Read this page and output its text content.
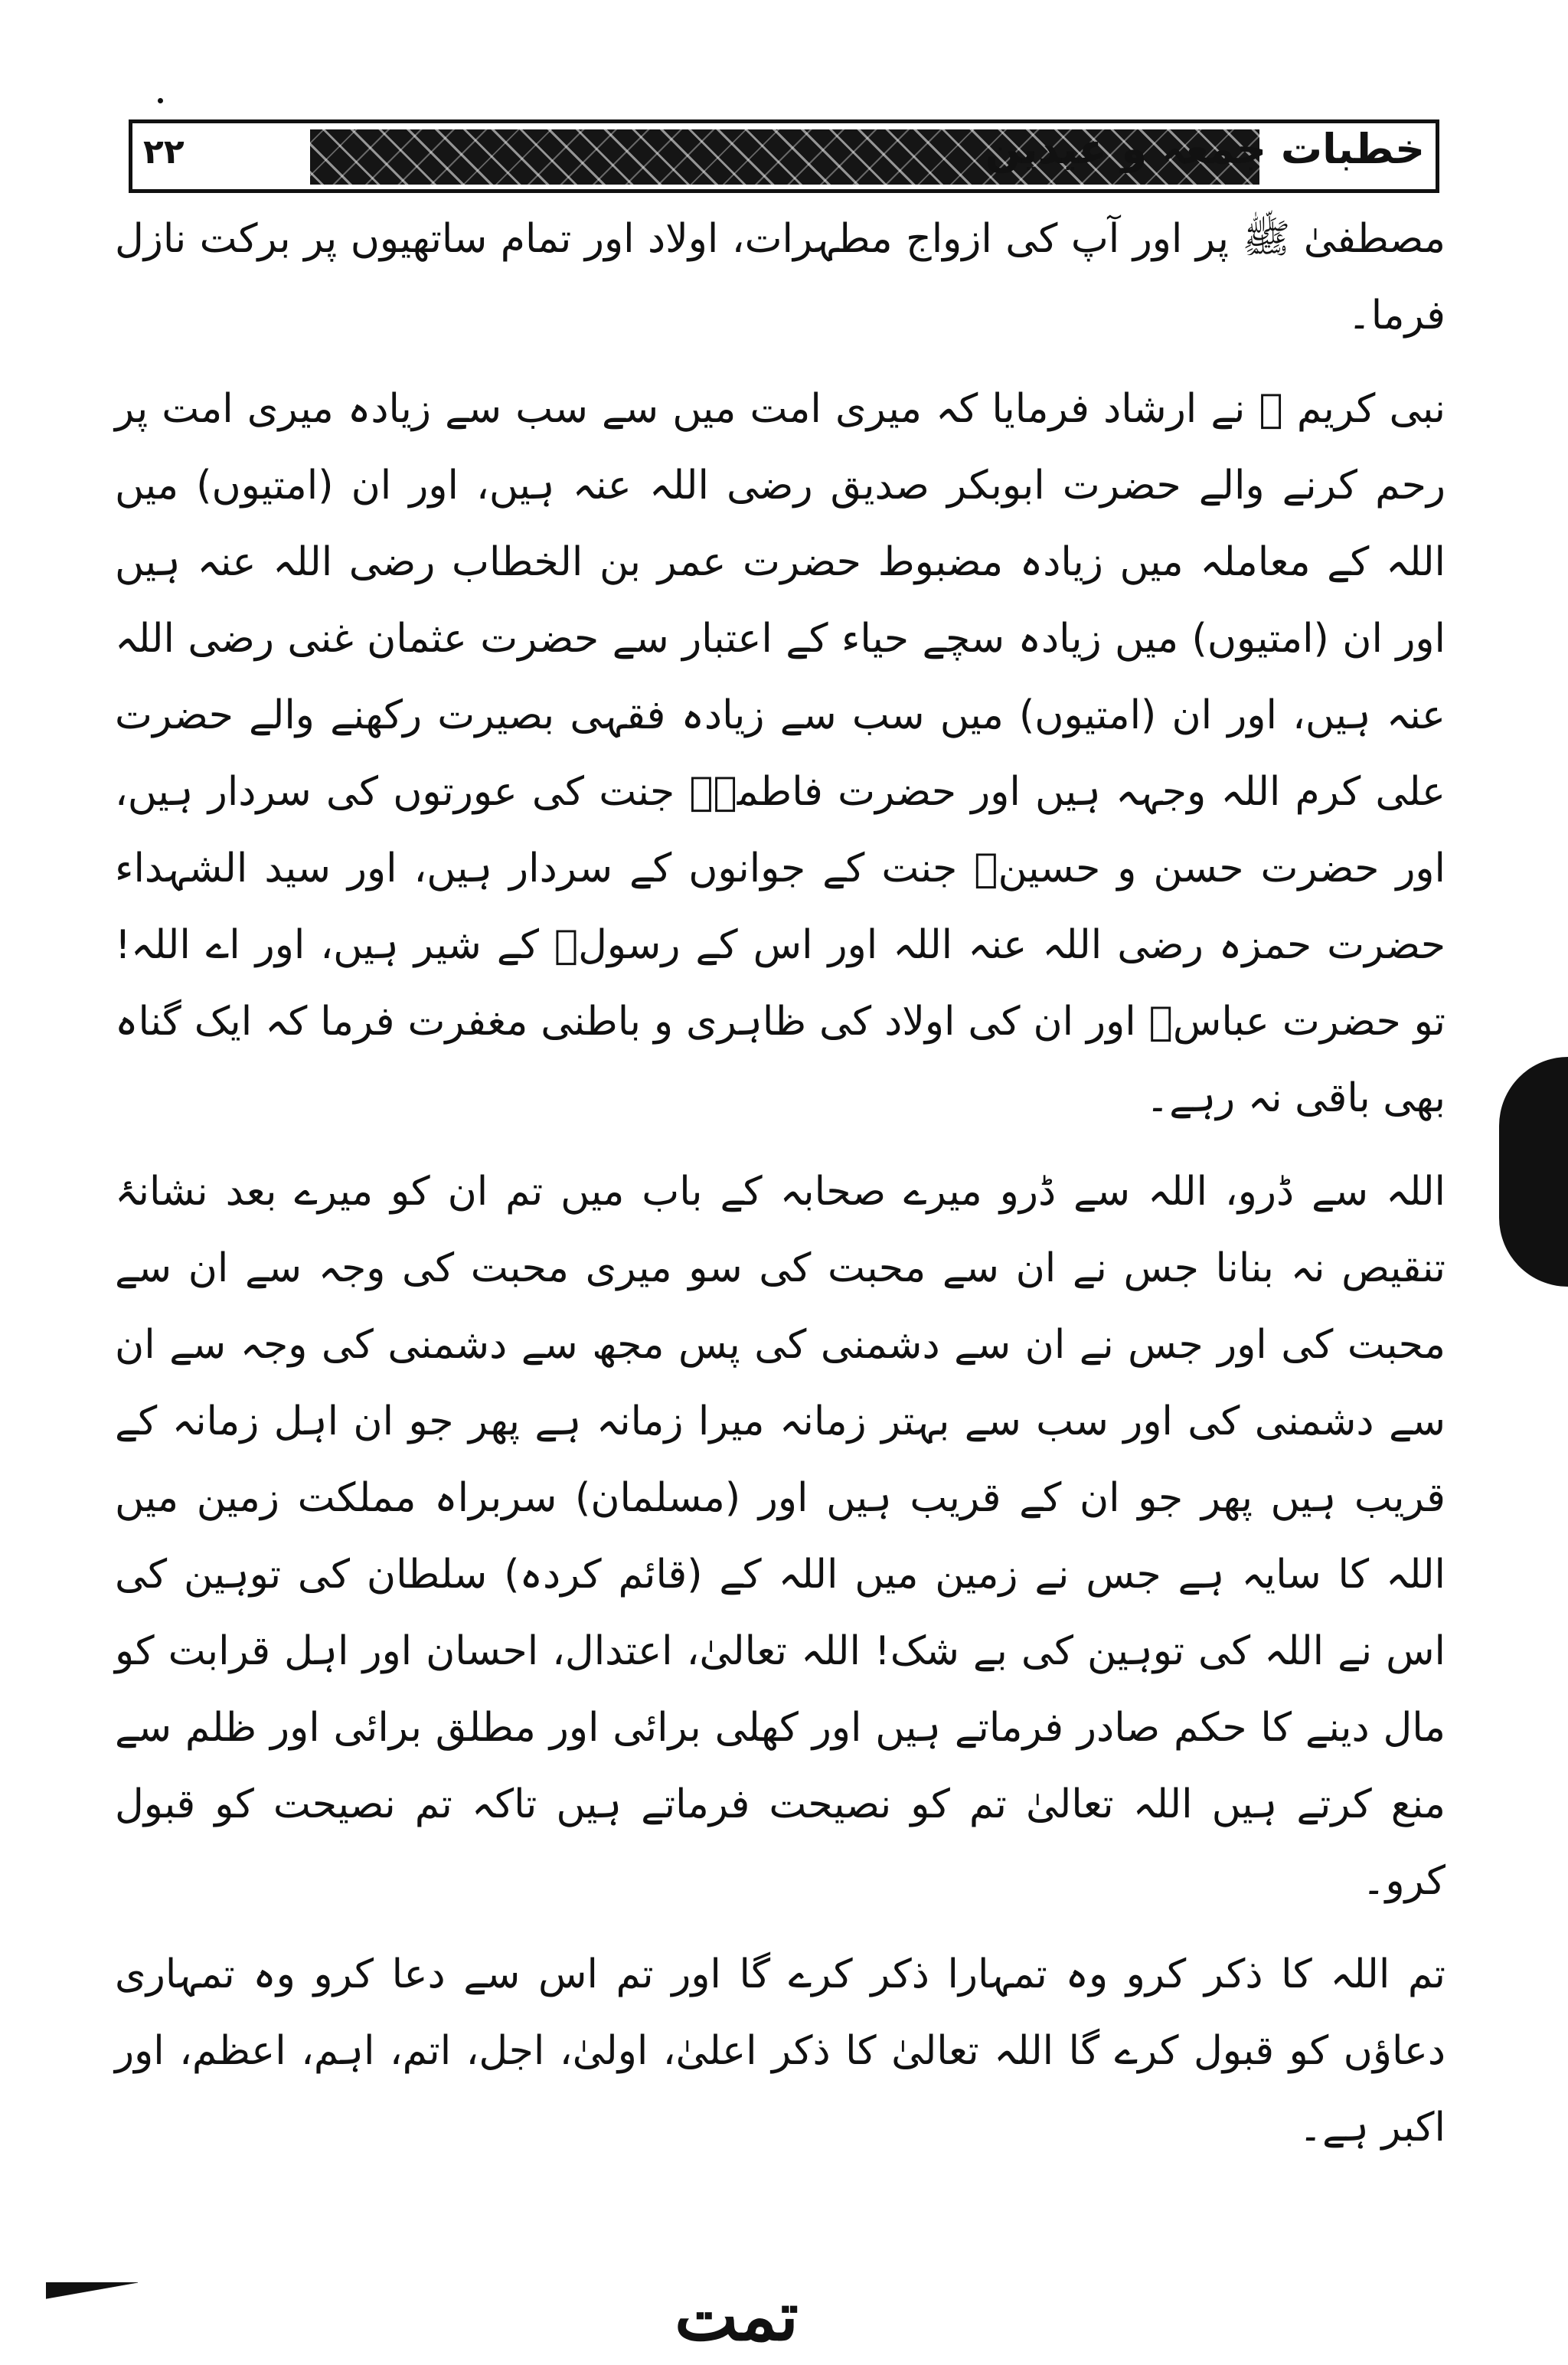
۲۲	خطبات جمعہ و عیدین

مصطفیٰ ﷺ پر اور آپ کی ازواج مطہرات، اولاد اور تمام ساتھیوں پر برکت نازل فرما۔

نبی کریم ﷺ نے ارشاد فرمایا کہ میری امت میں سے سب سے زیادہ میری امت پر رحم کرنے والے حضرت ابوبکر صدیق رضی اللہ عنہ ہیں، اور ان (امتیوں) میں اللہ کے معاملہ میں زیادہ مضبوط حضرت عمر بن الخطاب رضی اللہ عنہ ہیں اور ان (امتیوں) میں زیادہ سچے حیاء کے اعتبار سے حضرت عثمان غنی رضی اللہ عنہ ہیں، اور ان (امتیوں) میں سب سے زیادہ فقہی بصیرت رکھنے والے حضرت علی کرم اللہ وجہہ ہیں اور حضرت فاطمہؓ جنت کی عورتوں کی سردار ہیں، اور حضرت حسن و حسینؓ جنت کے جوانوں کے سردار ہیں، اور سید الشہداء حضرت حمزہ رضی اللہ عنہ اللہ اور اس کے رسولؐ کے شیر ہیں، اور اے اللہ! تو حضرت عباسؓ اور ان کی اولاد کی ظاہری و باطنی مغفرت فرما کہ ایک گناہ بھی باقی نہ رہے۔

اللہ سے ڈرو، اللہ سے ڈرو میرے صحابہ کے باب میں تم ان کو میرے بعد نشانۂ تنقیص نہ بنانا جس نے ان سے محبت کی سو میری محبت کی وجہ سے ان سے محبت کی اور جس نے ان سے دشمنی کی پس مجھ سے دشمنی کی وجہ سے ان سے دشمنی کی اور سب سے بہتر زمانہ میرا زمانہ ہے پھر جو ان اہل زمانہ کے قریب ہیں پھر جو ان کے قریب ہیں اور (مسلمان) سربراہ مملکت زمین میں اللہ کا سایہ ہے جس نے زمین میں اللہ کے (قائم کردہ) سلطان کی توہین کی اس نے اللہ کی توہین کی بے شک! اللہ تعالیٰ، اعتدال، احسان اور اہل قرابت کو مال دینے کا حکم صادر فرماتے ہیں اور کھلی برائی اور مطلق برائی اور ظلم سے منع کرتے ہیں اللہ تعالیٰ تم کو نصیحت فرماتے ہیں تاکہ تم نصیحت کو قبول کرو۔

تم اللہ کا ذکر کرو وہ تمہارا ذکر کرے گا اور تم اس سے دعا کرو وہ تمہاری دعاؤں کو قبول کرے گا اللہ تعالیٰ کا ذکر اعلیٰ، اولیٰ، اجل، اتم، اہم، اعظم، اور اکبر ہے۔

تمت
